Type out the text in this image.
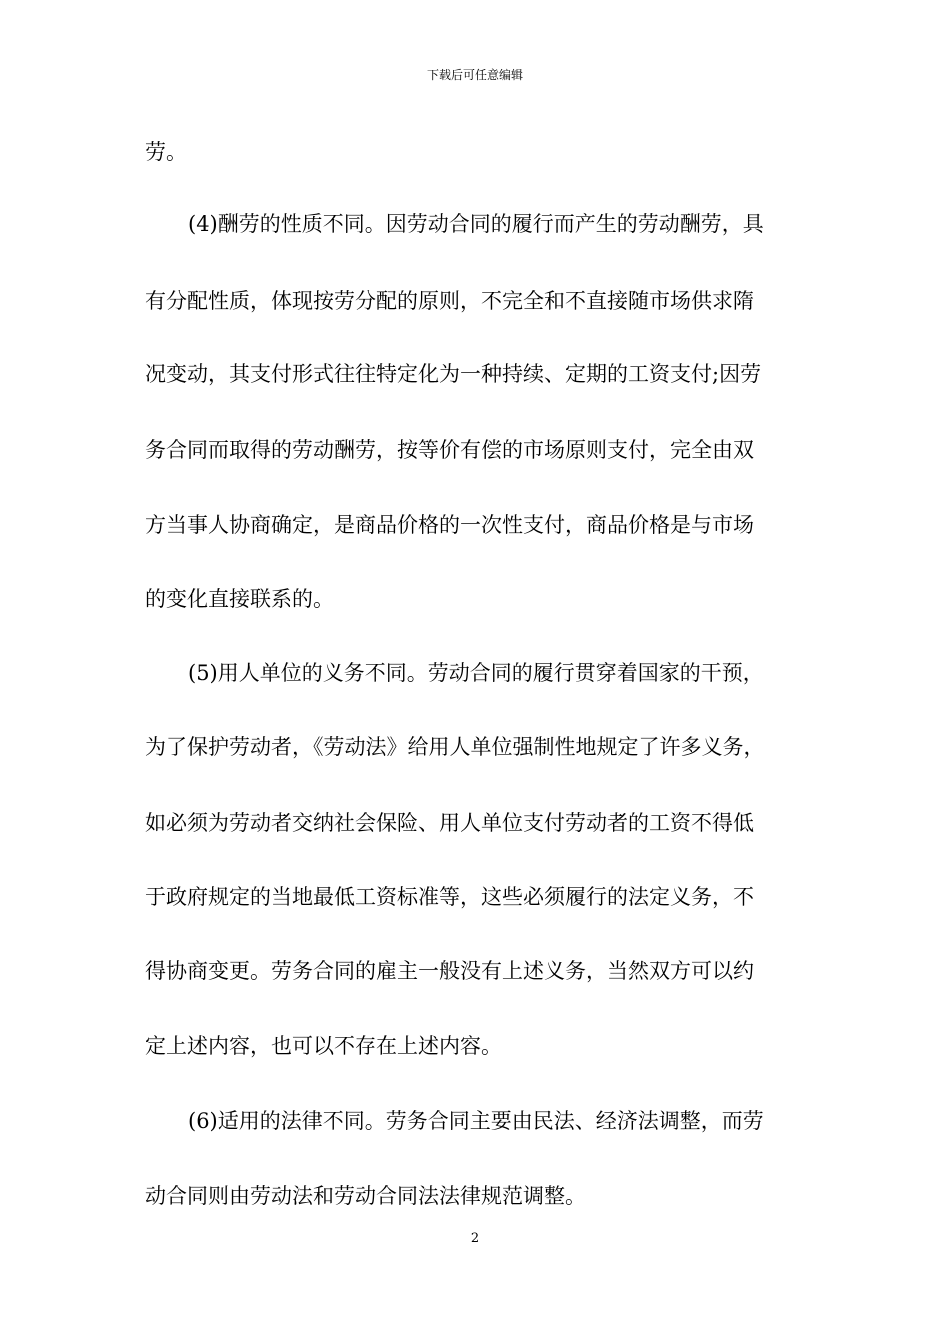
下载后可任意编辑
劳。
(4)酬劳的性质不同。因劳动合同的履行而产生的劳动酬劳，具
有分配性质，体现按劳分配的原则，不完全和不直接随市场供求隋
况变动，其支付形式往往特定化为一种持续、定期的工资支付;因劳
务合同而取得的劳动酬劳，按等价有偿的市场原则支付，完全由双
方当事人协商确定，是商品价格的一次性支付，商品价格是与市场
的变化直接联系的。
(5)用人单位的义务不同。劳动合同的履行贯穿着国家的干预，
为了保护劳动者，《劳动法》给用人单位强制性地规定了许多义务，
如必须为劳动者交纳社会保险、用人单位支付劳动者的工资不得低
于政府规定的当地最低工资标准等，这些必须履行的法定义务，不
得协商变更。劳务合同的雇主一般没有上述义务，当然双方可以约
定上述内容，也可以不存在上述内容。
(6)适用的法律不同。劳务合同主要由民法、经济法调整，而劳
动合同则由劳动法和劳动合同法法律规范调整。
2
